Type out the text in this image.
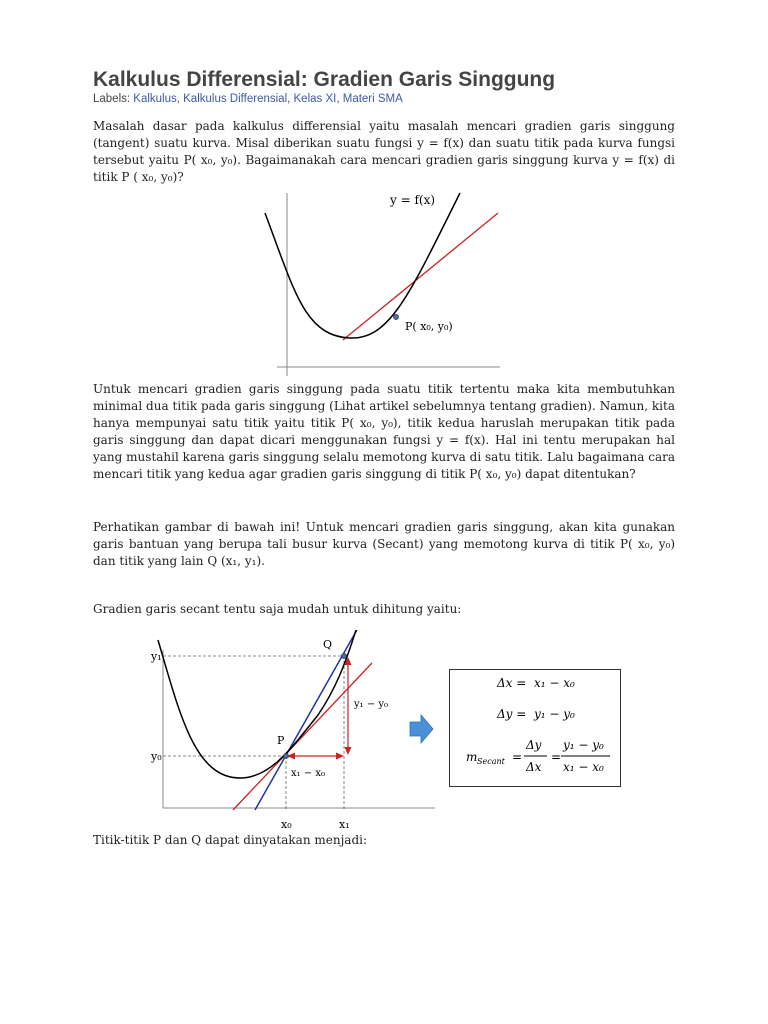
Kalkulus Differensial: Gradien Garis Singgung
Labels: Kalkulus, Kalkulus Differensial, Kelas XI, Materi SMA

Masalah dasar pada kalkulus differensial yaitu masalah mencari gradien garis singgung (tangent) suatu kurva. Misal diberikan suatu fungsi y = f(x) dan suatu titik pada kurva fungsi tersebut yaitu P( x₀, y₀). Bagaimanakah cara mencari gradien garis singgung kurva y = f(x) di titik P ( x₀, y₀)?

y = f(x)
P( x₀, y₀)

Untuk mencari gradien garis singgung pada suatu titik tertentu maka kita membutuhkan minimal dua titik pada garis singgung (Lihat artikel sebelumnya tentang gradien). Namun, kita hanya mempunyai satu titik yaitu titik P( x₀, y₀), titik kedua haruslah merupakan titik pada garis singgung dan dapat dicari menggunakan fungsi y = f(x). Hal ini tentu merupakan hal yang mustahil karena garis singgung selalu memotong kurva di satu titik. Lalu bagaimana cara mencari titik yang kedua agar gradien garis singgung di titik P( x₀, y₀) dapat ditentukan?

Perhatikan gambar di bawah ini! Untuk mencari gradien garis singgung, akan kita gunakan garis bantuan yang berupa tali busur kurva (Secant) yang memotong kurva di titik P( x₀, y₀) dan titik yang lain Q (x₁, y₁).

Gradien garis secant tentu saja mudah untuk dihitung yaitu:

y₁
y₀
x₀	x₁
P
Q
y₁ − y₀
x₁ − x₀
Δx = x₁ − x₀
Δy = y₁ − y₀
m Secant =
Δy
Δx
=
y₁ − y₀
x₁ − x₀

Titik-titik P dan Q dapat dinyatakan menjadi:
